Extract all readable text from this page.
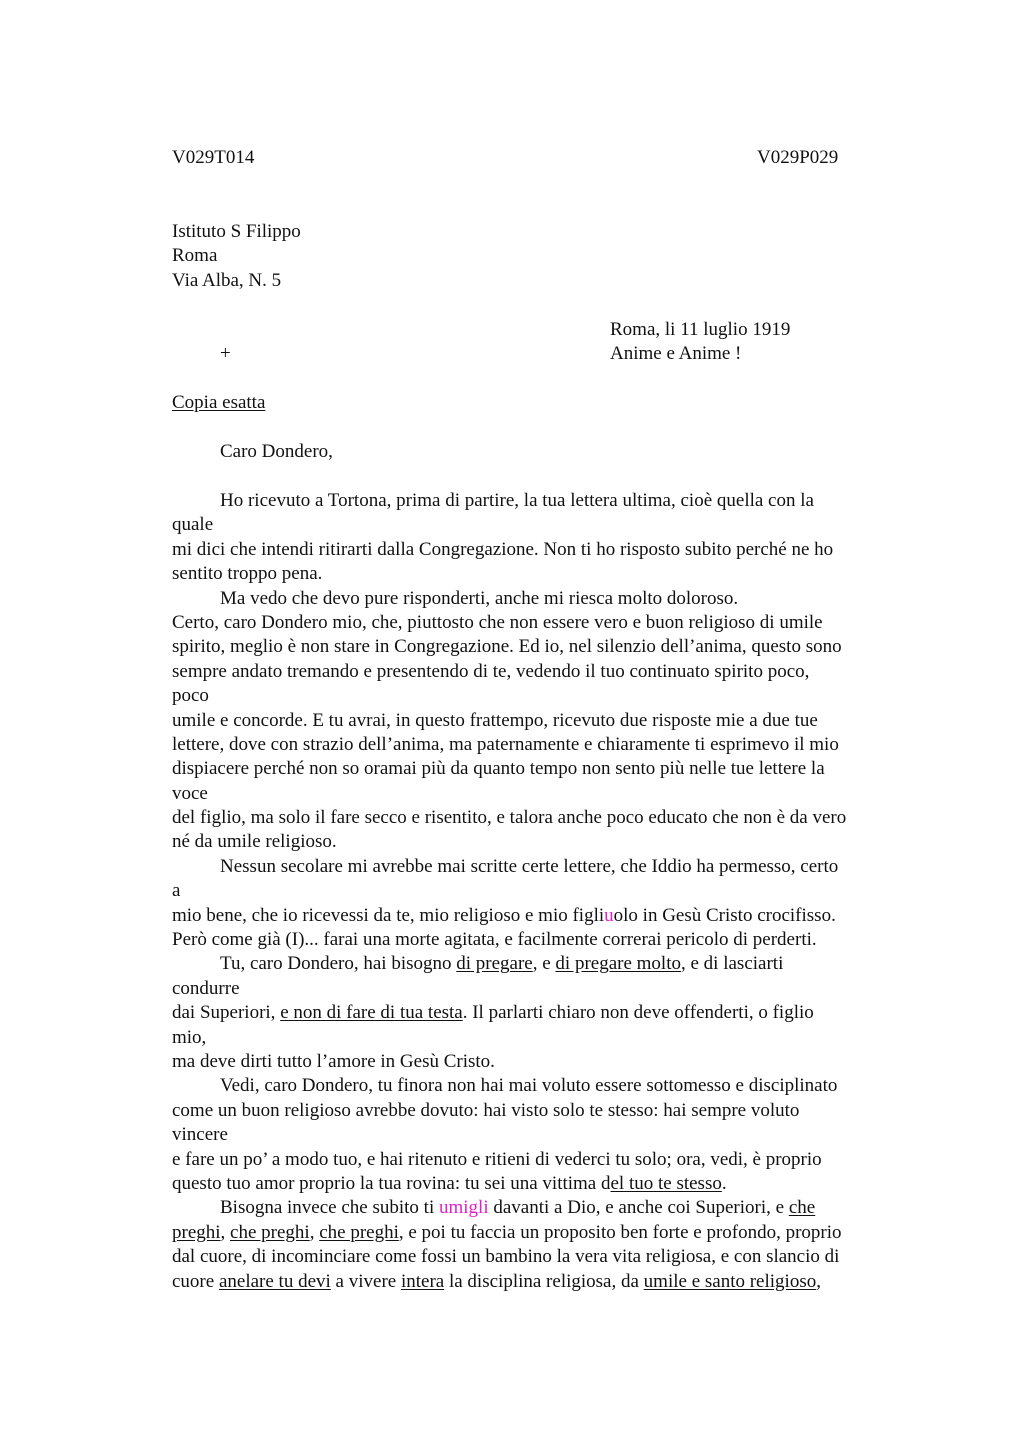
V029T014	V029P029
Istituto S Filippo
Roma
Via Alba, N. 5
Roma, li 11 luglio 1919
+	Anime e Anime !
Copia esatta
Caro Dondero,
Ho ricevuto a Tortona, prima di partire, la tua lettera ultima, cioè quella con la
quale
mi dici che intendi ritirarti dalla Congregazione. Non ti ho risposto subito perché ne ho
sentito troppo pena.
Ma vedo che devo pure risponderti, anche mi riesca molto doloroso.
Certo, caro Dondero mio, che, piuttosto che non essere vero e buon religioso di umile
spirito, meglio è non stare in Congregazione. Ed io, nel silenzio dell’anima, questo sono
sempre andato tremando e presentendo di te, vedendo il tuo continuato spirito poco,
poco
umile e concorde. E tu avrai, in questo frattempo, ricevuto due risposte mie a due tue
lettere, dove con strazio dell’anima, ma paternamente e chiaramente ti esprimevo il mio
dispiacere perché non so oramai più da quanto tempo non sento più nelle tue lettere la
voce
del figlio, ma solo il fare secco e risentito, e talora anche poco educato che non è da vero
né da umile religioso.
Nessun secolare mi avrebbe mai scritte certe lettere, che Iddio ha permesso, certo
a
mio bene, che io ricevessi da te, mio religioso e mio figliuolo in Gesù Cristo crocifisso.
Però come già (I)... farai una morte agitata, e facilmente correrai pericolo di perderti.
Tu, caro Dondero, hai bisogno di pregare, e di pregare molto, e di lasciarti
condurre
dai Superiori, e non di fare di tua testa. Il parlarti chiaro non deve offenderti, o figlio
mio,
ma deve dirti tutto l’amore in Gesù Cristo.
Vedi, caro Dondero, tu finora non hai mai voluto essere sottomesso e disciplinato
come un buon religioso avrebbe dovuto: hai visto solo te stesso: hai sempre voluto
vincere
e fare un po’ a modo tuo, e hai ritenuto e ritieni di vederci tu solo; ora, vedi, è proprio
questo tuo amor proprio la tua rovina: tu sei una vittima del tuo te stesso.
Bisogna invece che subito ti umigli davanti a Dio, e anche coi Superiori, e che
preghi, che preghi, che preghi, e poi tu faccia un proposito ben forte e profondo, proprio
dal cuore, di incominciare come fossi un bambino la vera vita religiosa, e con slancio di
cuore anelare tu devi a vivere intera la disciplina religiosa, da umile e santo religioso,
